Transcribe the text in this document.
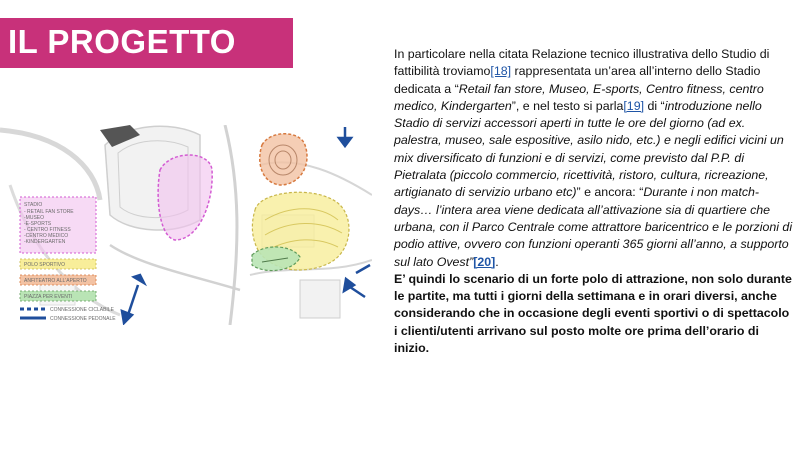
IL PROGETTO
STADIO
- RETAIL FAN STORE
-MUSEO
-E-SPORTS
- CENTRO FITNESS
-CENTRO MEDICO
-KINDERGARTEN
POLO SPORTIVO
ANFITEATRO ALL'APERTO
PIAZZA PER EVENTI
CONNESSIONE CICLABILE
CONNESSIONE PEDONALE

In particolare nella citata Relazione tecnico illustrativa dello Studio di fattibilità troviamo[18] rappresentata un’area all’interno dello Stadio dedicata a “Retail fan store, Museo, E-sports, Centro fitness, centro medico, Kindergarten”, e nel testo si parla[19] di “introduzione nello Stadio di servizi accessori aperti in tutte le ore del giorno (ad ex. palestra, museo, sale espositive, asilo nido, etc.) e negli edifici vicini un mix diversificato di funzioni e di servizi, come previsto dal P.P. di Pietralata (piccolo commercio, ricettività, ristoro, cultura, ricreazione, artigianato di servizio urbano etc)” e ancora: “Durante i non match-days… l’intera area viene dedicata all’attivazione sia di quartiere che urbana, con il Parco Centrale come attrattore baricentrico e le porzioni di podio attive, ovvero con funzioni operanti 365 giorni all’anno, a supporto sul lato Ovest”[20].

E’ quindi lo scenario di un forte polo di attrazione, non solo durante

le partite, ma tutti i giorni della settimana e in orari diversi, anche considerando che in occasione degli eventi sportivi o di spettacolo i clienti/utenti arrivano sul posto molte ore prima dell’orario di inizio.
